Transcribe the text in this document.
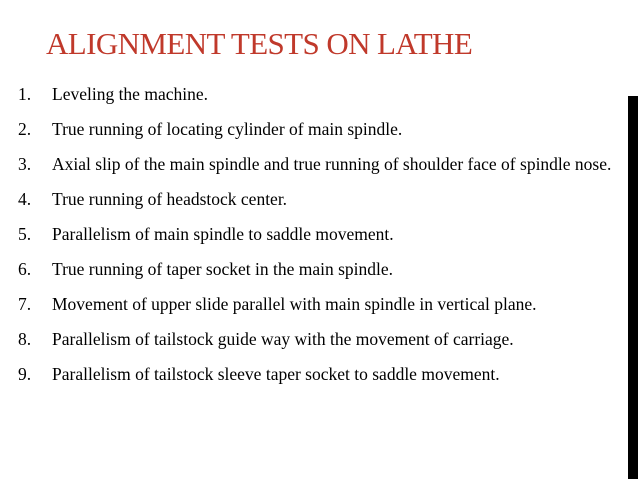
ALIGNMENT TESTS ON LATHE
1. Leveling the machine.
2. True running of locating cylinder of main spindle.
3. Axial slip of the main spindle and true running of shoulder face of spindle nose.
4. True running of headstock center.
5. Parallelism of main spindle to saddle movement.
6. True running of taper socket in the main spindle.
7. Movement of upper slide parallel with main spindle in vertical plane.
8. Parallelism of tailstock guide way with the movement of carriage.
9. Parallelism of tailstock sleeve taper socket to saddle movement.
